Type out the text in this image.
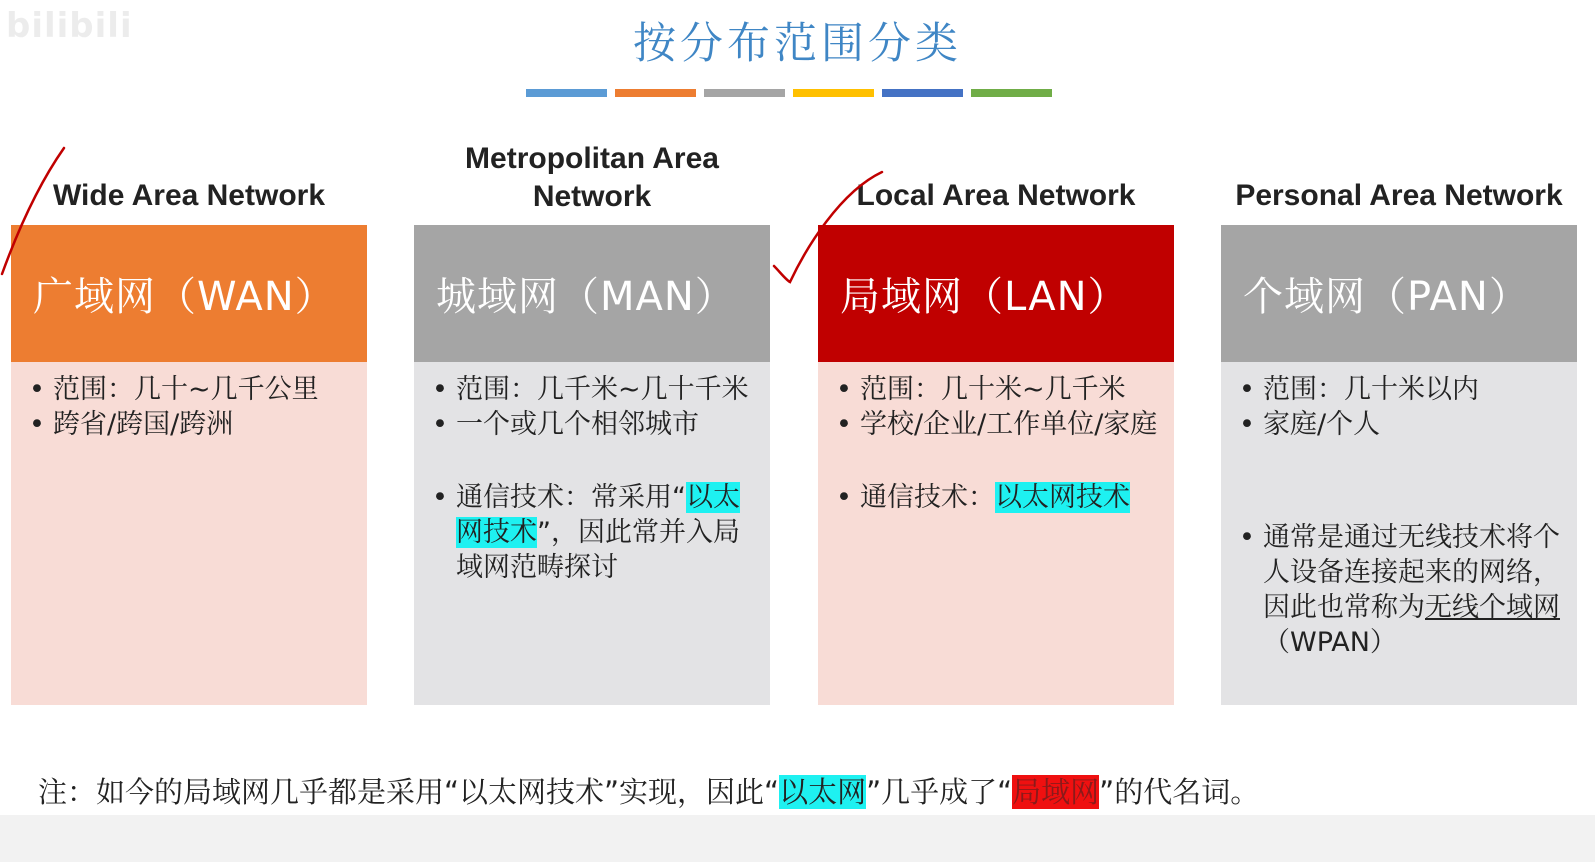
bilibili	按分布范围分类
Wide Area Network
广域网（WAN）
• 范围：几十~几千公里
• 跨省/跨国/跨洲
Metropolitan Area Network
城域网（MAN）
• 范围：几千米~几十千米
• 一个或几个相邻城市
• 通信技术：常采用“以太网技术”，因此常并入局域网范畴探讨
Local Area Network
局域网（LAN）
• 范围：几十米~几千米
• 学校/企业/工作单位/家庭
• 通信技术：以太网技术
Personal Area Network
个域网（PAN）
• 范围：几十米以内
• 家庭/个人
• 通常是通过无线技术将个人设备连接起来的网络，因此也常称为无线个域网（WPAN）
注：如今的局域网几乎都是采用“以太网技术”实现，因此“以太网”几乎成了“局域网”的代名词。
